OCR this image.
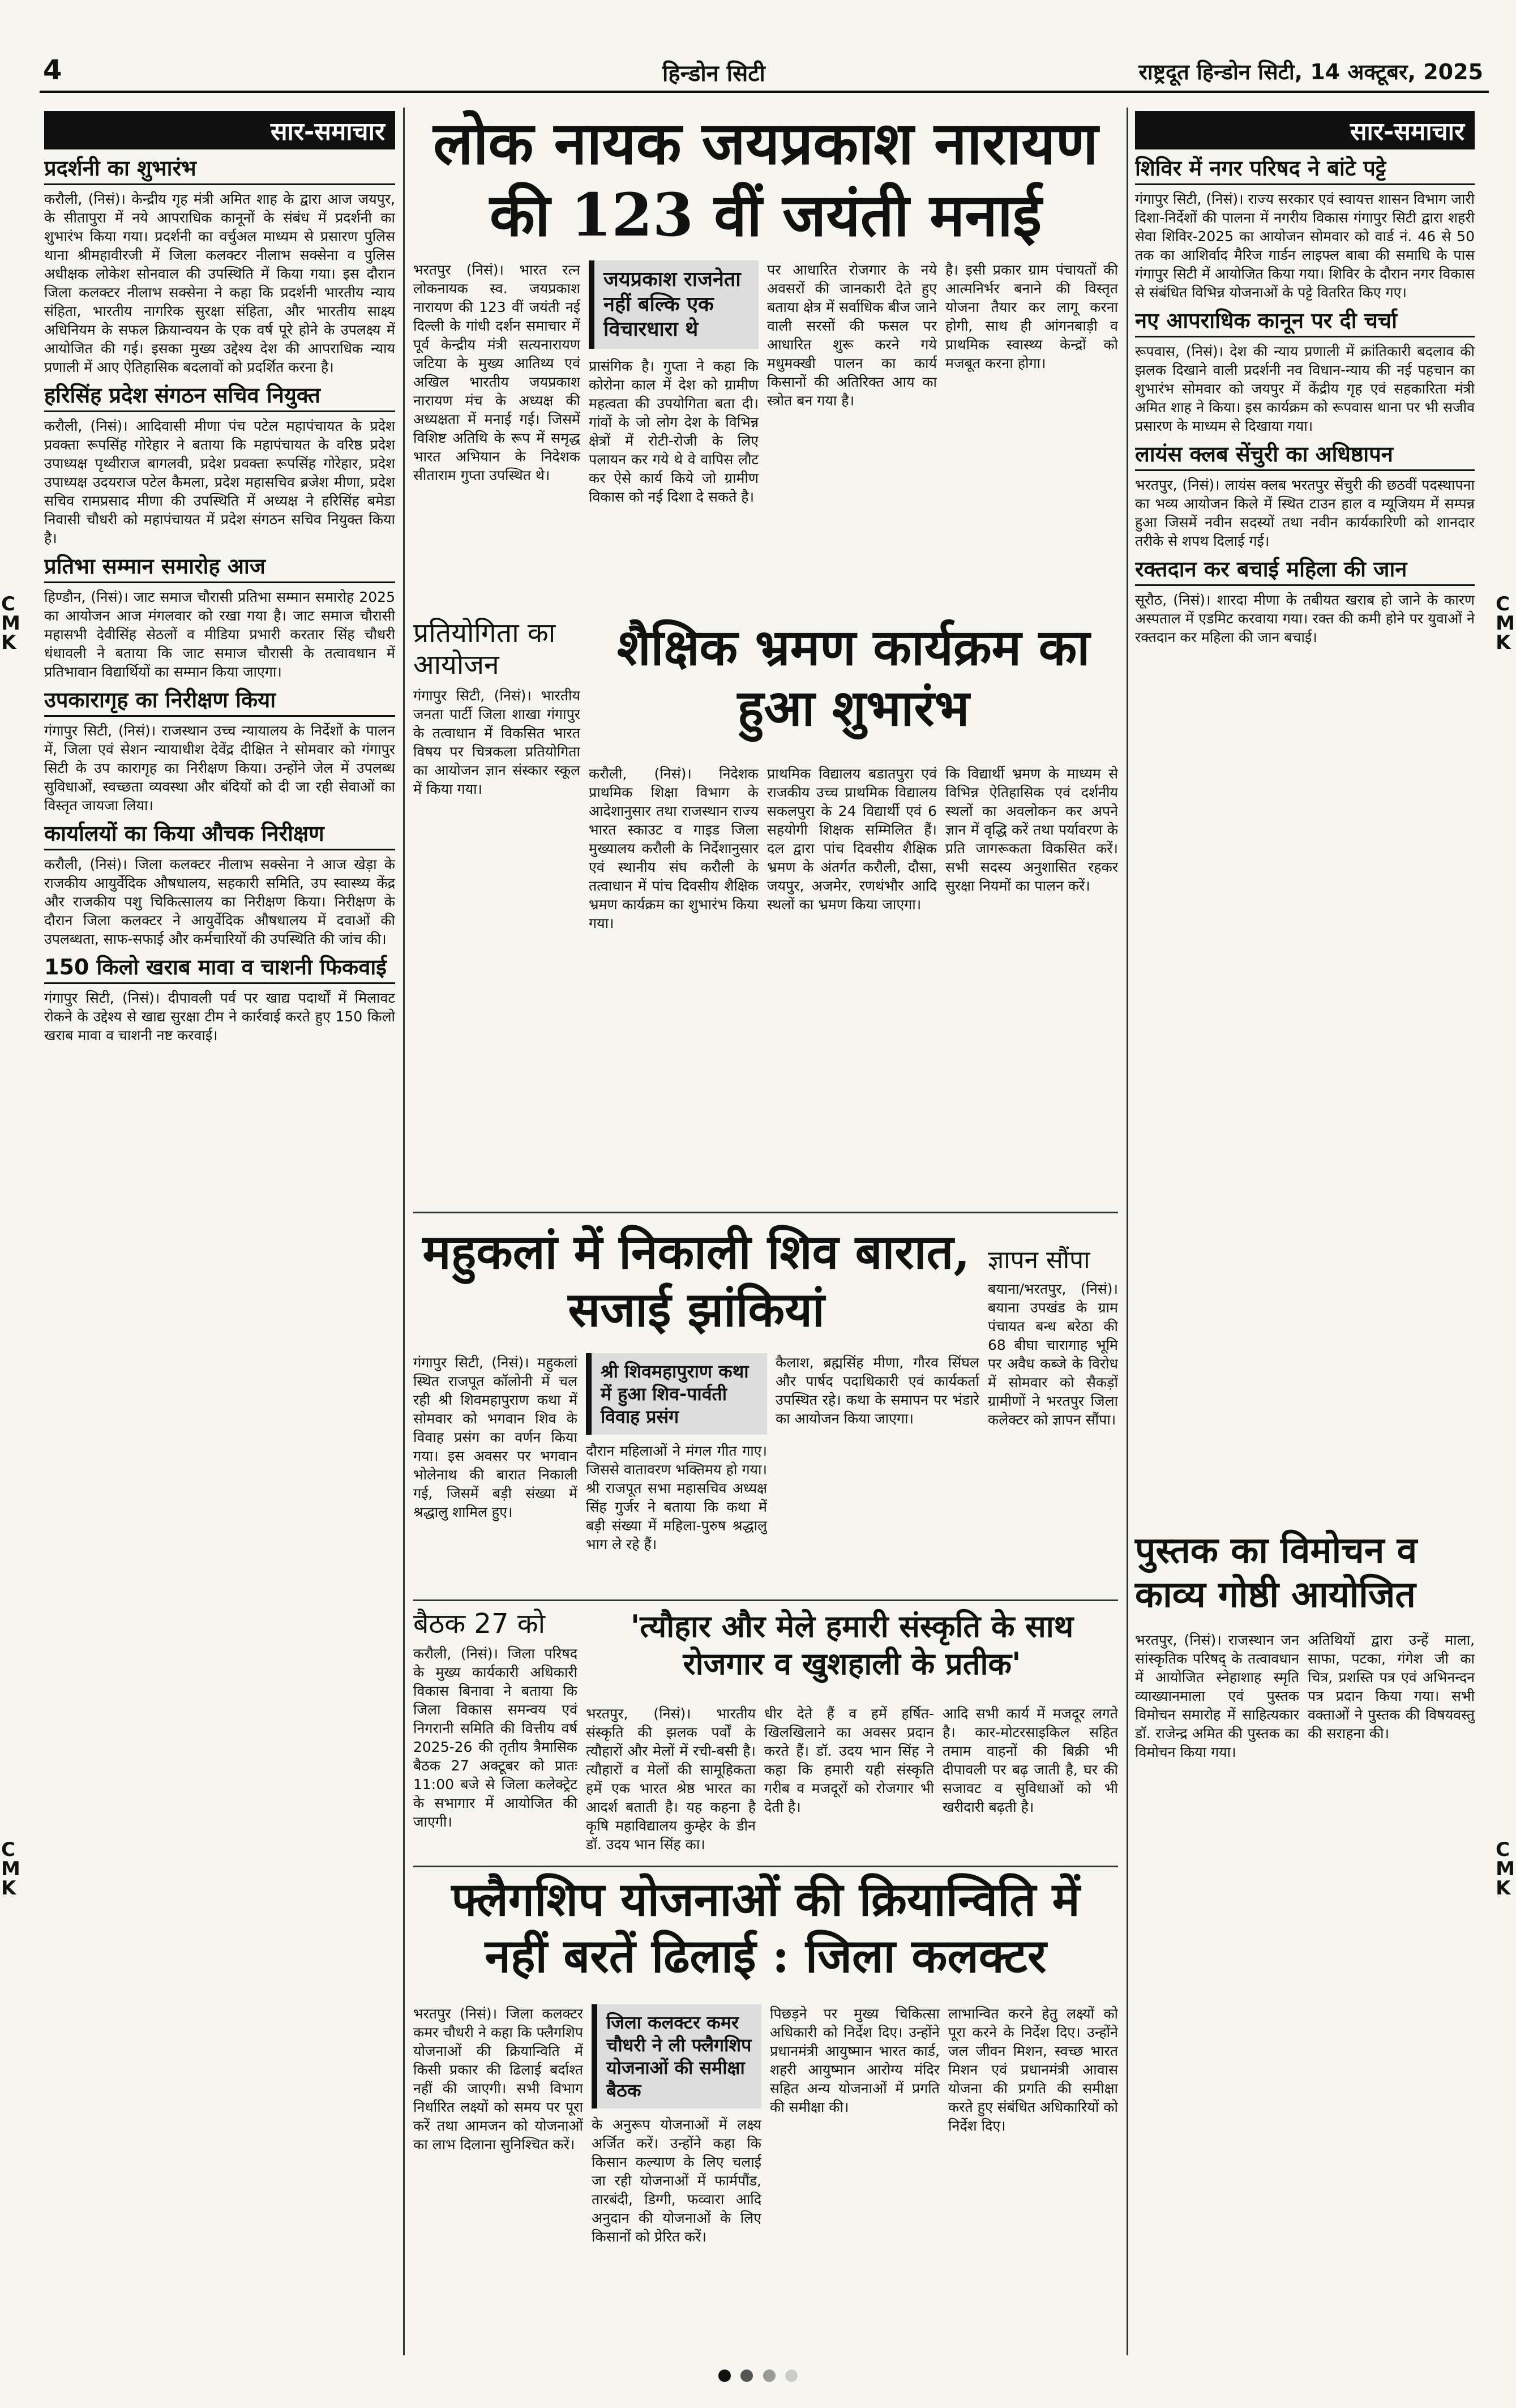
4	हिन्डोन सिटी	राष्ट्रदूत हिन्डोन सिटी, 14 अक्टूबर, 2025
C
M
K
C
M
K
C
M
K
C
M
K
सार-समाचार
प्रदर्शनी का शुभारंभ

करौली, (निसं)। केन्द्रीय गृह मंत्री अमित शाह के द्वारा आज जयपुर, के सीतापुरा में नये आपराधिक कानूनों के संबंध में प्रदर्शनी का शुभारंभ किया गया। प्रदर्शनी का वर्चुअल माध्यम से प्रसारण पुलिस थाना श्रीमहावीरजी में जिला कलक्टर नीलाभ सक्सेना व पुलिस अधीक्षक लोकेश सोनवाल की उपस्थिति में किया गया। इस दौरान जिला कलक्टर नीलाभ सक्सेना ने कहा कि प्रदर्शनी भारतीय न्याय संहिता, भारतीय नागरिक सुरक्षा संहिता, और भारतीय साक्ष्य अधिनियम के सफल क्रियान्वयन के एक वर्ष पूरे होने के उपलक्ष्य में आयोजित की गई। इसका मुख्य उद्देश्य देश की आपराधिक न्याय प्रणाली में आए ऐतिहासिक बदलावों को प्रदर्शित करना है।

हरिसिंह प्रदेश संगठन सचिव नियुक्त

करौली, (निसं)। आदिवासी मीणा पंच पटेल महापंचायत के प्रदेश प्रवक्ता रूपसिंह गोरेहार ने बताया कि महापंचायत के वरिष्ठ प्रदेश उपाध्यक्ष पृथ्वीराज बागलवी, प्रदेश प्रवक्ता रूपसिंह गोरेहार, प्रदेश उपाध्यक्ष उदयराज पटेल कैमला, प्रदेश महासचिव ब्रजेश मीणा, प्रदेश सचिव रामप्रसाद मीणा की उपस्थिति में अध्यक्ष ने हरिसिंह बमेडा निवासी चौधरी को महापंचायत में प्रदेश संगठन सचिव नियुक्त किया है।

प्रतिभा सम्मान समारोह आज

हिण्डौन, (निसं)। जाट समाज चौरासी प्रतिभा सम्मान समारोह 2025 का आयोजन आज मंगलवार को रखा गया है। जाट समाज चौरासी महासभी देवीसिंह सेठलों व मीडिया प्रभारी करतार सिंह चौधरी धंधावली ने बताया कि जाट समाज चौरासी के तत्वावधान में प्रतिभावान विद्यार्थियों का सम्मान किया जाएगा।

उपकारागृह का निरीक्षण किया

गंगापुर सिटी, (निसं)। राजस्थान उच्च न्यायालय के निर्देशों के पालन में, जिला एवं सेशन न्यायाधीश देवेंद्र दीक्षित ने सोमवार को गंगापुर सिटी के उप कारागृह का निरीक्षण किया। उन्होंने जेल में उपलब्ध सुविधाओं, स्वच्छता व्यवस्था और बंदियों को दी जा रही सेवाओं का विस्तृत जायजा लिया।

कार्यालयों का किया औचक निरीक्षण

करौली, (निसं)। जिला कलक्टर नीलाभ सक्सेना ने आज खेड़ा के राजकीय आयुर्वेदिक औषधालय, सहकारी समिति, उप स्वास्थ्य केंद्र और राजकीय पशु चिकित्सालय का निरीक्षण किया। निरीक्षण के दौरान जिला कलक्टर ने आयुर्वेदिक औषधालय में दवाओं की उपलब्धता, साफ-सफाई और कर्मचारियों की उपस्थिति की जांच की।

150 किलो खराब मावा व चाशनी फिकवाई

गंगापुर सिटी, (निसं)। दीपावली पर्व पर खाद्य पदार्थों में मिलावट रोकने के उद्देश्य से खाद्य सुरक्षा टीम ने कार्रवाई करते हुए 150 किलो खराब मावा व चाशनी नष्ट करवाई।

सार-समाचार
शिविर में नगर परिषद ने बांटे पट्टे

गंगापुर सिटी, (निसं)। राज्य सरकार एवं स्वायत्त शासन विभाग जारी दिशा-निर्देशों की पालना में नगरीय विकास गंगापुर सिटी द्वारा शहरी सेवा शिविर-2025 का आयोजन सोमवार को वार्ड नं. 46 से 50 तक का आशिर्वाद मैरिज गार्डन लाइफ्ल बाबा की समाधि के पास गंगापुर सिटी में आयोजित किया गया। शिविर के दौरान नगर विकास से संबंधित विभिन्न योजनाओं के पट्टे वितरित किए गए।

नए आपराधिक कानून पर दी चर्चा

रूपवास, (निसं)। देश की न्याय प्रणाली में क्रांतिकारी बदलाव की झलक दिखाने वाली प्रदर्शनी नव विधान-न्याय की नई पहचान का शुभारंभ सोमवार को जयपुर में केंद्रीय गृह एवं सहकारिता मंत्री अमित शाह ने किया। इस कार्यक्रम को रूपवास थाना पर भी सजीव प्रसारण के माध्यम से दिखाया गया।

लायंस क्लब सेंचुरी का अधिष्ठापन

भरतपुर, (निसं)। लायंस क्लब भरतपुर सेंचुरी की छठवीं पदस्थापना का भव्य आयोजन किले में स्थित टाउन हाल व म्यूजियम में सम्पन्न हुआ जिसमें नवीन सदस्यों तथा नवीन कार्यकारिणी को शानदार तरीके से शपथ दिलाई गई।

रक्तदान कर बचाई महिला की जान

सूरौठ, (निसं)। शारदा मीणा के तबीयत खराब हो जाने के कारण अस्पताल में एडमिट करवाया गया। रक्त की कमी होने पर युवाओं ने रक्तदान कर महिला की जान बचाई।

लोक नायक जयप्रकाश नारायण की 123 वीं जयंती मनाई
भरतपुर (निसं)। भारत रत्न लोकनायक स्व. जयप्रकाश नारायण की 123 वीं जयंती नई दिल्ली के गांधी दर्शन समाचार में पूर्व केन्द्रीय मंत्री सत्यनारायण जटिया के मुख्य आतिथ्य एवं अखिल भारतीय जयप्रकाश नारायण मंच के अध्यक्ष की अध्यक्षता में मनाई गई। जिसमें विशिष्ट अतिथि के रूप में समृद्ध भारत अभियान के निदेशक सीताराम गुप्ता उपस्थित थे।
जयप्रकाश राजनेता नहीं बल्कि एक विचारधारा थे
प्रासंगिक है। गुप्ता ने कहा कि कोरोना काल में देश को ग्रामीण महत्वता की उपयोगिता बता दी। गांवों के जो लोग देश के विभिन्न क्षेत्रों में रोटी-रोजी के लिए पलायन कर गये थे वे वापिस लौट कर ऐसे कार्य किये जो ग्रामीण विकास को नई दिशा दे सकते है।
पर आधारित रोजगार के नये अवसरों की जानकारी देते हुए बताया क्षेत्र में सर्वाधिक बीज जाने वाली सरसों की फसल पर आधारित शुरू करने गये मधुमक्खी पालन का कार्य किसानों की अतिरिक्त आय का स्त्रोत बन गया है।
है। इसी प्रकार ग्राम पंचायतों की आत्मनिर्भर बनाने की विस्तृत योजना तैयार कर लागू करना होगी, साथ ही आंगनबाड़ी व प्राथमिक स्वास्थ्य केन्द्रों को मजबूत करना होगा।
प्रतियोगिता का आयोजन
गंगापुर सिटी, (निसं)। भारतीय जनता पार्टी जिला शाखा गंगापुर के तत्वाधान में विकसित भारत विषय पर चित्रकला प्रतियोगिता का आयोजन ज्ञान संस्कार स्कूल में किया गया।
शैक्षिक भ्रमण कार्यक्रम का हुआ शुभारंभ
करौली, (निसं)। निदेशक प्राथमिक शिक्षा विभाग के आदेशानुसार तथा राजस्थान राज्य भारत स्काउट व गाइड जिला मुख्यालय करौली के निर्देशानुसार एवं स्थानीय संघ करौली के तत्वाधान में पांच दिवसीय शैक्षिक भ्रमण कार्यक्रम का शुभारंभ किया गया।
प्राथमिक विद्यालय बडातपुरा एवं राजकीय उच्च प्राथमिक विद्यालय सकलपुरा के 24 विद्यार्थी एवं 6 सहयोगी शिक्षक सम्मिलित हैं। दल द्वारा पांच दिवसीय शैक्षिक भ्रमण के अंतर्गत करौली, दौसा, जयपुर, अजमेर, रणथंभौर आदि स्थलों का भ्रमण किया जाएगा।
कि विद्यार्थी भ्रमण के माध्यम से विभिन्न ऐतिहासिक एवं दर्शनीय स्थलों का अवलोकन कर अपने ज्ञान में वृद्धि करें तथा पर्यावरण के प्रति जागरूकता विकसित करें। सभी सदस्य अनुशासित रहकर सुरक्षा नियमों का पालन करें।
महुकलां में निकाली शिव बारात, सजाई झांकियां
ज्ञापन सौंपा
बयाना/भरतपुर, (निसं)। बयाना उपखंड के ग्राम पंचायत बन्ध बरेठा की 68 बीघा चारागाह भूमि पर अवैध कब्जे के विरोध में सोमवार को सैकड़ों ग्रामीणों ने भरतपुर जिला कलेक्टर को ज्ञापन सौंपा।
गंगापुर सिटी, (निसं)। महुकलां स्थित राजपूत कॉलोनी में चल रही श्री शिवमहापुराण कथा में सोमवार को भगवान शिव के विवाह प्रसंग का वर्णन किया गया। इस अवसर पर भगवान भोलेनाथ की बारात निकाली गई, जिसमें बड़ी संख्या में श्रद्धालु शामिल हुए।
श्री शिवमहापुराण कथा में हुआ शिव-पार्वती विवाह प्रसंग
दौरान महिलाओं ने मंगल गीत गाए। जिससे वातावरण भक्तिमय हो गया। श्री राजपूत सभा महासचिव अध्यक्ष सिंह गुर्जर ने बताया कि कथा में बड़ी संख्या में महिला-पुरुष श्रद्धालु भाग ले रहे हैं।
कैलाश, ब्रह्मसिंह मीणा, गौरव सिंघल और पार्षद पदाधिकारी एवं कार्यकर्ता उपस्थित रहे। कथा के समापन पर भंडारे का आयोजन किया जाएगा।
बैठक 27 को
करौली, (निसं)। जिला परिषद के मुख्य कार्यकारी अधिकारी विकास बिनावा ने बताया कि जिला विकास समन्वय एवं निगरानी समिति की वित्तीय वर्ष 2025-26 की तृतीय त्रैमासिक बैठक 27 अक्टूबर को प्रातः 11:00 बजे से जिला कलेक्ट्रेट के सभागार में आयोजित की जाएगी।
'त्यौहार और मेले हमारी संस्कृति के साथ रोजगार व खुशहाली के प्रतीक'
भरतपुर, (निसं)। भारतीय संस्कृति की झलक पर्वों के त्यौहारों और मेलों में रची-बसी है। त्यौहारों व मेलों की सामूहिकता हमें एक भारत श्रेष्ठ भारत का आदर्श बताती है। यह कहना है कृषि महाविद्यालय कुम्हेर के डीन डॉ. उदय भान सिंह का।
धीर देते हैं व हमें हर्षित-खिलखिलाने का अवसर प्रदान करते हैं। डॉ. उदय भान सिंह ने कहा कि हमारी यही संस्कृति गरीब व मजदूरों को रोजगार भी देती है।
आदि सभी कार्य में मजदूर लगते है। कार-मोटरसाइकिल सहित तमाम वाहनों की बिक्री भी दीपावली पर बढ़ जाती है, घर की सजावट व सुविधाओं को भी खरीदारी बढ़ती है।
पुस्तक का विमोचन व काव्य गोष्ठी आयोजित
भरतपुर, (निसं)। राजस्थान जन सांस्कृतिक परिषद् के तत्वावधान में आयोजित स्नेहाशाह स्मृति व्याख्यानमाला एवं पुस्तक विमोचन समारोह में साहित्यकार डॉ. राजेन्द्र अमित की पुस्तक का विमोचन किया गया।
अतिथियों द्वारा उन्हें माला, साफा, पटका, गंगेश जी का चित्र, प्रशस्ति पत्र एवं अभिनन्दन पत्र प्रदान किया गया। सभी वक्ताओं ने पुस्तक की विषयवस्तु की सराहना की।
फ्लैगशिप योजनाओं की क्रियान्विति में नहीं बरतें ढिलाई : जिला कलक्टर
भरतपुर (निसं)। जिला कलक्टर कमर चौधरी ने कहा कि फ्लैगशिप योजनाओं की क्रियान्विति में किसी प्रकार की ढिलाई बर्दाश्त नहीं की जाएगी। सभी विभाग निर्धारित लक्ष्यों को समय पर पूरा करें तथा आमजन को योजनाओं का लाभ दिलाना सुनिश्चित करें।
जिला कलक्टर कमर चौधरी ने ली फ्लैगशिप योजनाओं की समीक्षा बैठक
के अनुरूप योजनाओं में लक्ष्य अर्जित करें। उन्होंने कहा कि किसान कल्याण के लिए चलाई जा रही योजनाओं में फार्मपौंड, तारबंदी, डिग्गी, फव्वारा आदि अनुदान की योजनाओं के लिए किसानों को प्रेरित करें।
पिछड़ने पर मुख्य चिकित्सा अधिकारी को निर्देश दिए। उन्होंने प्रधानमंत्री आयुष्मान भारत कार्ड, शहरी आयुष्मान आरोग्य मंदिर सहित अन्य योजनाओं में प्रगति की समीक्षा की।
लाभान्वित करने हेतु लक्ष्यों को पूरा करने के निर्देश दिए। उन्होंने जल जीवन मिशन, स्वच्छ भारत मिशन एवं प्रधानमंत्री आवास योजना की प्रगति की समीक्षा करते हुए संबंधित अधिकारियों को निर्देश दिए।
